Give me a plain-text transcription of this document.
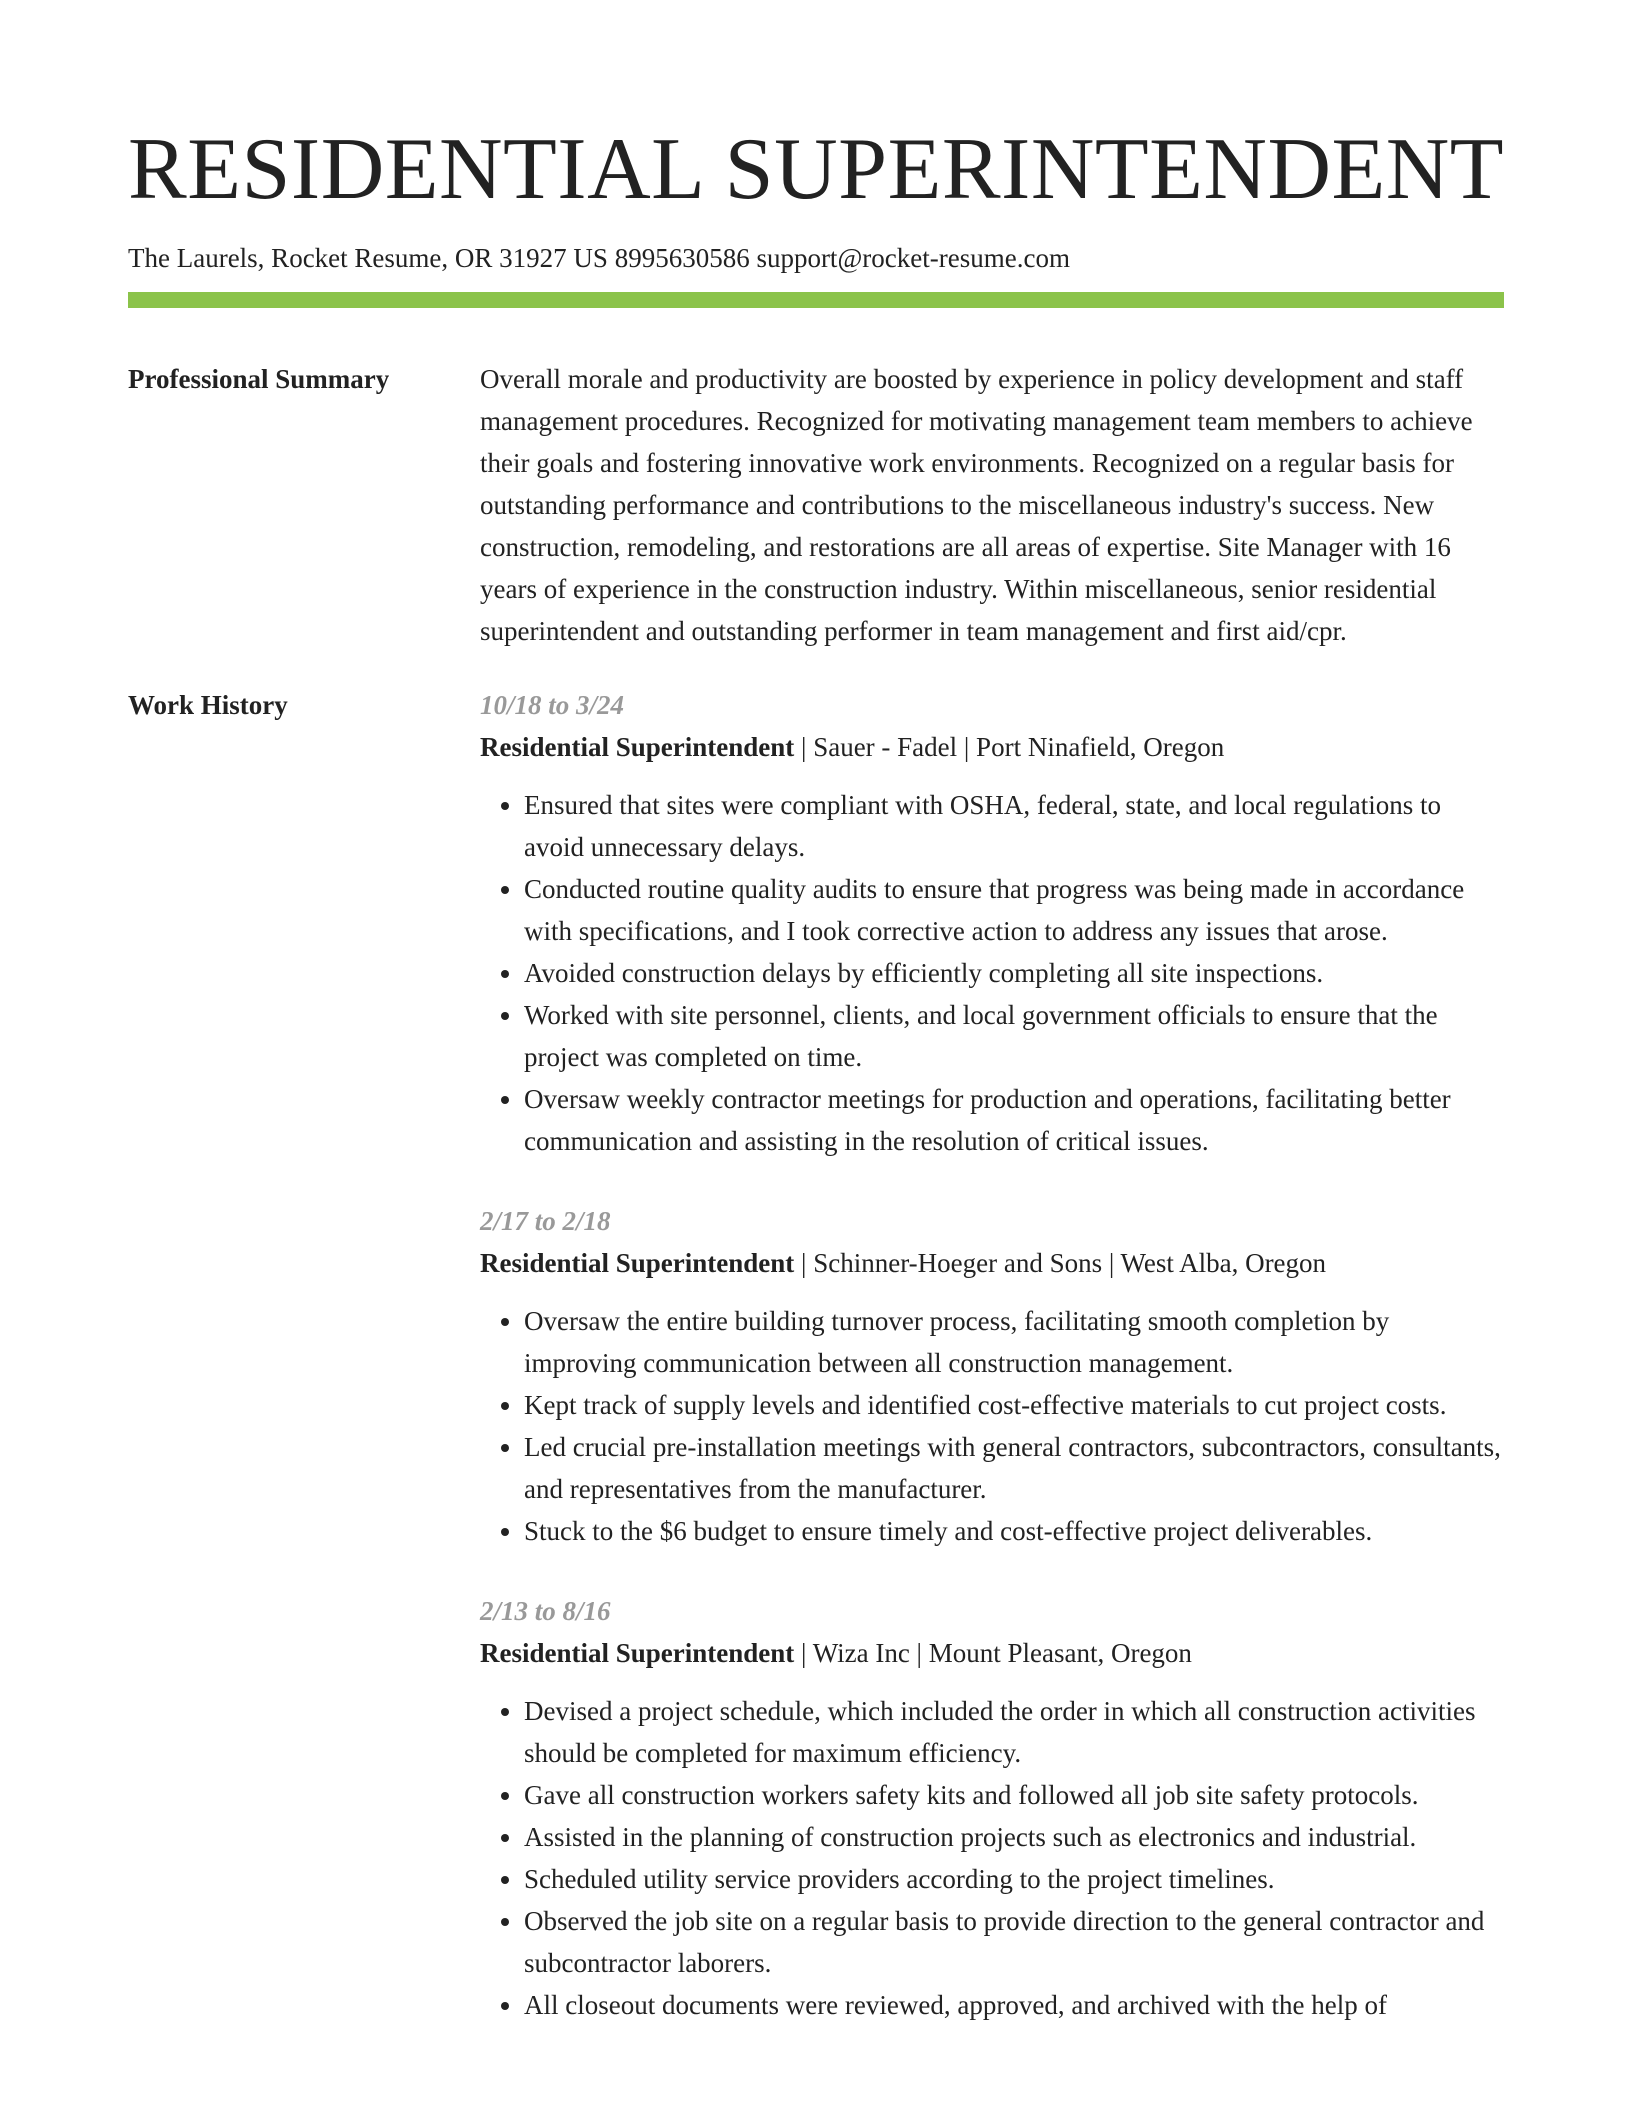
RESIDENTIAL SUPERINTENDENT
The Laurels, Rocket Resume, OR 31927 US 8995630586 support@rocket-resume.com
Professional Summary	Overall morale and productivity are boosted by experience in policy development and staff management procedures. Recognized for motivating management team members to achieve their goals and fostering innovative work environments. Recognized on a regular basis for outstanding performance and contributions to the miscellaneous industry's success. New construction, remodeling, and restorations are all areas of expertise. Site Manager with 16 years of experience in the construction industry. Within miscellaneous, senior residential superintendent and outstanding performer in team management and first aid/cpr.

Work History	10/18 to 3/24
Residential Superintendent | Sauer - Fadel | Port Ninafield, Oregon
• Ensured that sites were compliant with OSHA, federal, state, and local regulations to avoid unnecessary delays.
• Conducted routine quality audits to ensure that progress was being made in accordance with specifications, and I took corrective action to address any issues that arose.
• Avoided construction delays by efficiently completing all site inspections.
• Worked with site personnel, clients, and local government officials to ensure that the project was completed on time.
• Oversaw weekly contractor meetings for production and operations, facilitating better communication and assisting in the resolution of critical issues.
2/17 to 2/18
Residential Superintendent | Schinner-Hoeger and Sons | West Alba, Oregon
• Oversaw the entire building turnover process, facilitating smooth completion by improving communication between all construction management.
• Kept track of supply levels and identified cost-effective materials to cut project costs.
• Led crucial pre-installation meetings with general contractors, subcontractors, consultants, and representatives from the manufacturer.
• Stuck to the $6 budget to ensure timely and cost-effective project deliverables.
2/13 to 8/16
Residential Superintendent | Wiza Inc | Mount Pleasant, Oregon
• Devised a project schedule, which included the order in which all construction activities should be completed for maximum efficiency.
• Gave all construction workers safety kits and followed all job site safety protocols.
• Assisted in the planning of construction projects such as electronics and industrial.
• Scheduled utility service providers according to the project timelines.
• Observed the job site on a regular basis to provide direction to the general contractor and subcontractor laborers.
• All closeout documents were reviewed, approved, and archived with the help of
